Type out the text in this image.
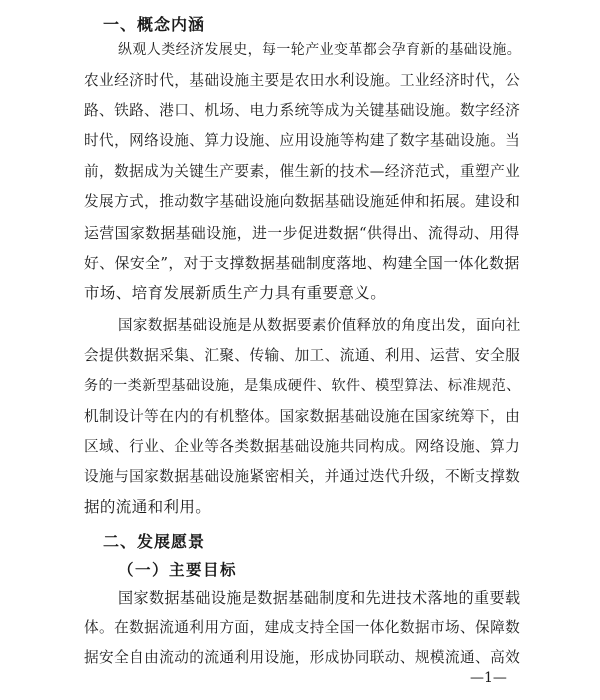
一、概念内涵
纵观人类经济发展史，每一轮产业变革都会孕育新的基础设施。
农业经济时代，基础设施主要是农田水利设施。工业经济时代，公
路、铁路、港口、机场、电力系统等成为关键基础设施。数字经济
时代，网络设施、算力设施、应用设施等构建了数字基础设施。当
前，数据成为关键生产要素，催生新的技术—经济范式，重塑产业
发展方式，推动数字基础设施向数据基础设施延伸和拓展。建设和
运营国家数据基础设施，进一步促进数据“供得出、流得动、用得
好、保安全”，对于支撑数据基础制度落地、构建全国一体化数据
市场、培育发展新质生产力具有重要意义。
国家数据基础设施是从数据要素价值释放的角度出发，面向社
会提供数据采集、汇聚、传输、加工、流通、利用、运营、安全服
务的一类新型基础设施，是集成硬件、软件、模型算法、标准规范、
机制设计等在内的有机整体。国家数据基础设施在国家统筹下，由
区域、行业、企业等各类数据基础设施共同构成。网络设施、算力
设施与国家数据基础设施紧密相关，并通过迭代升级，不断支撑数
据的流通和利用。
二、发展愿景
（一）主要目标
国家数据基础设施是数据基础制度和先进技术落地的重要载
体。在数据流通利用方面，建成支持全国一体化数据市场、保障数
据安全自由流动的流通利用设施，形成协同联动、规模流通、高效
—1—
